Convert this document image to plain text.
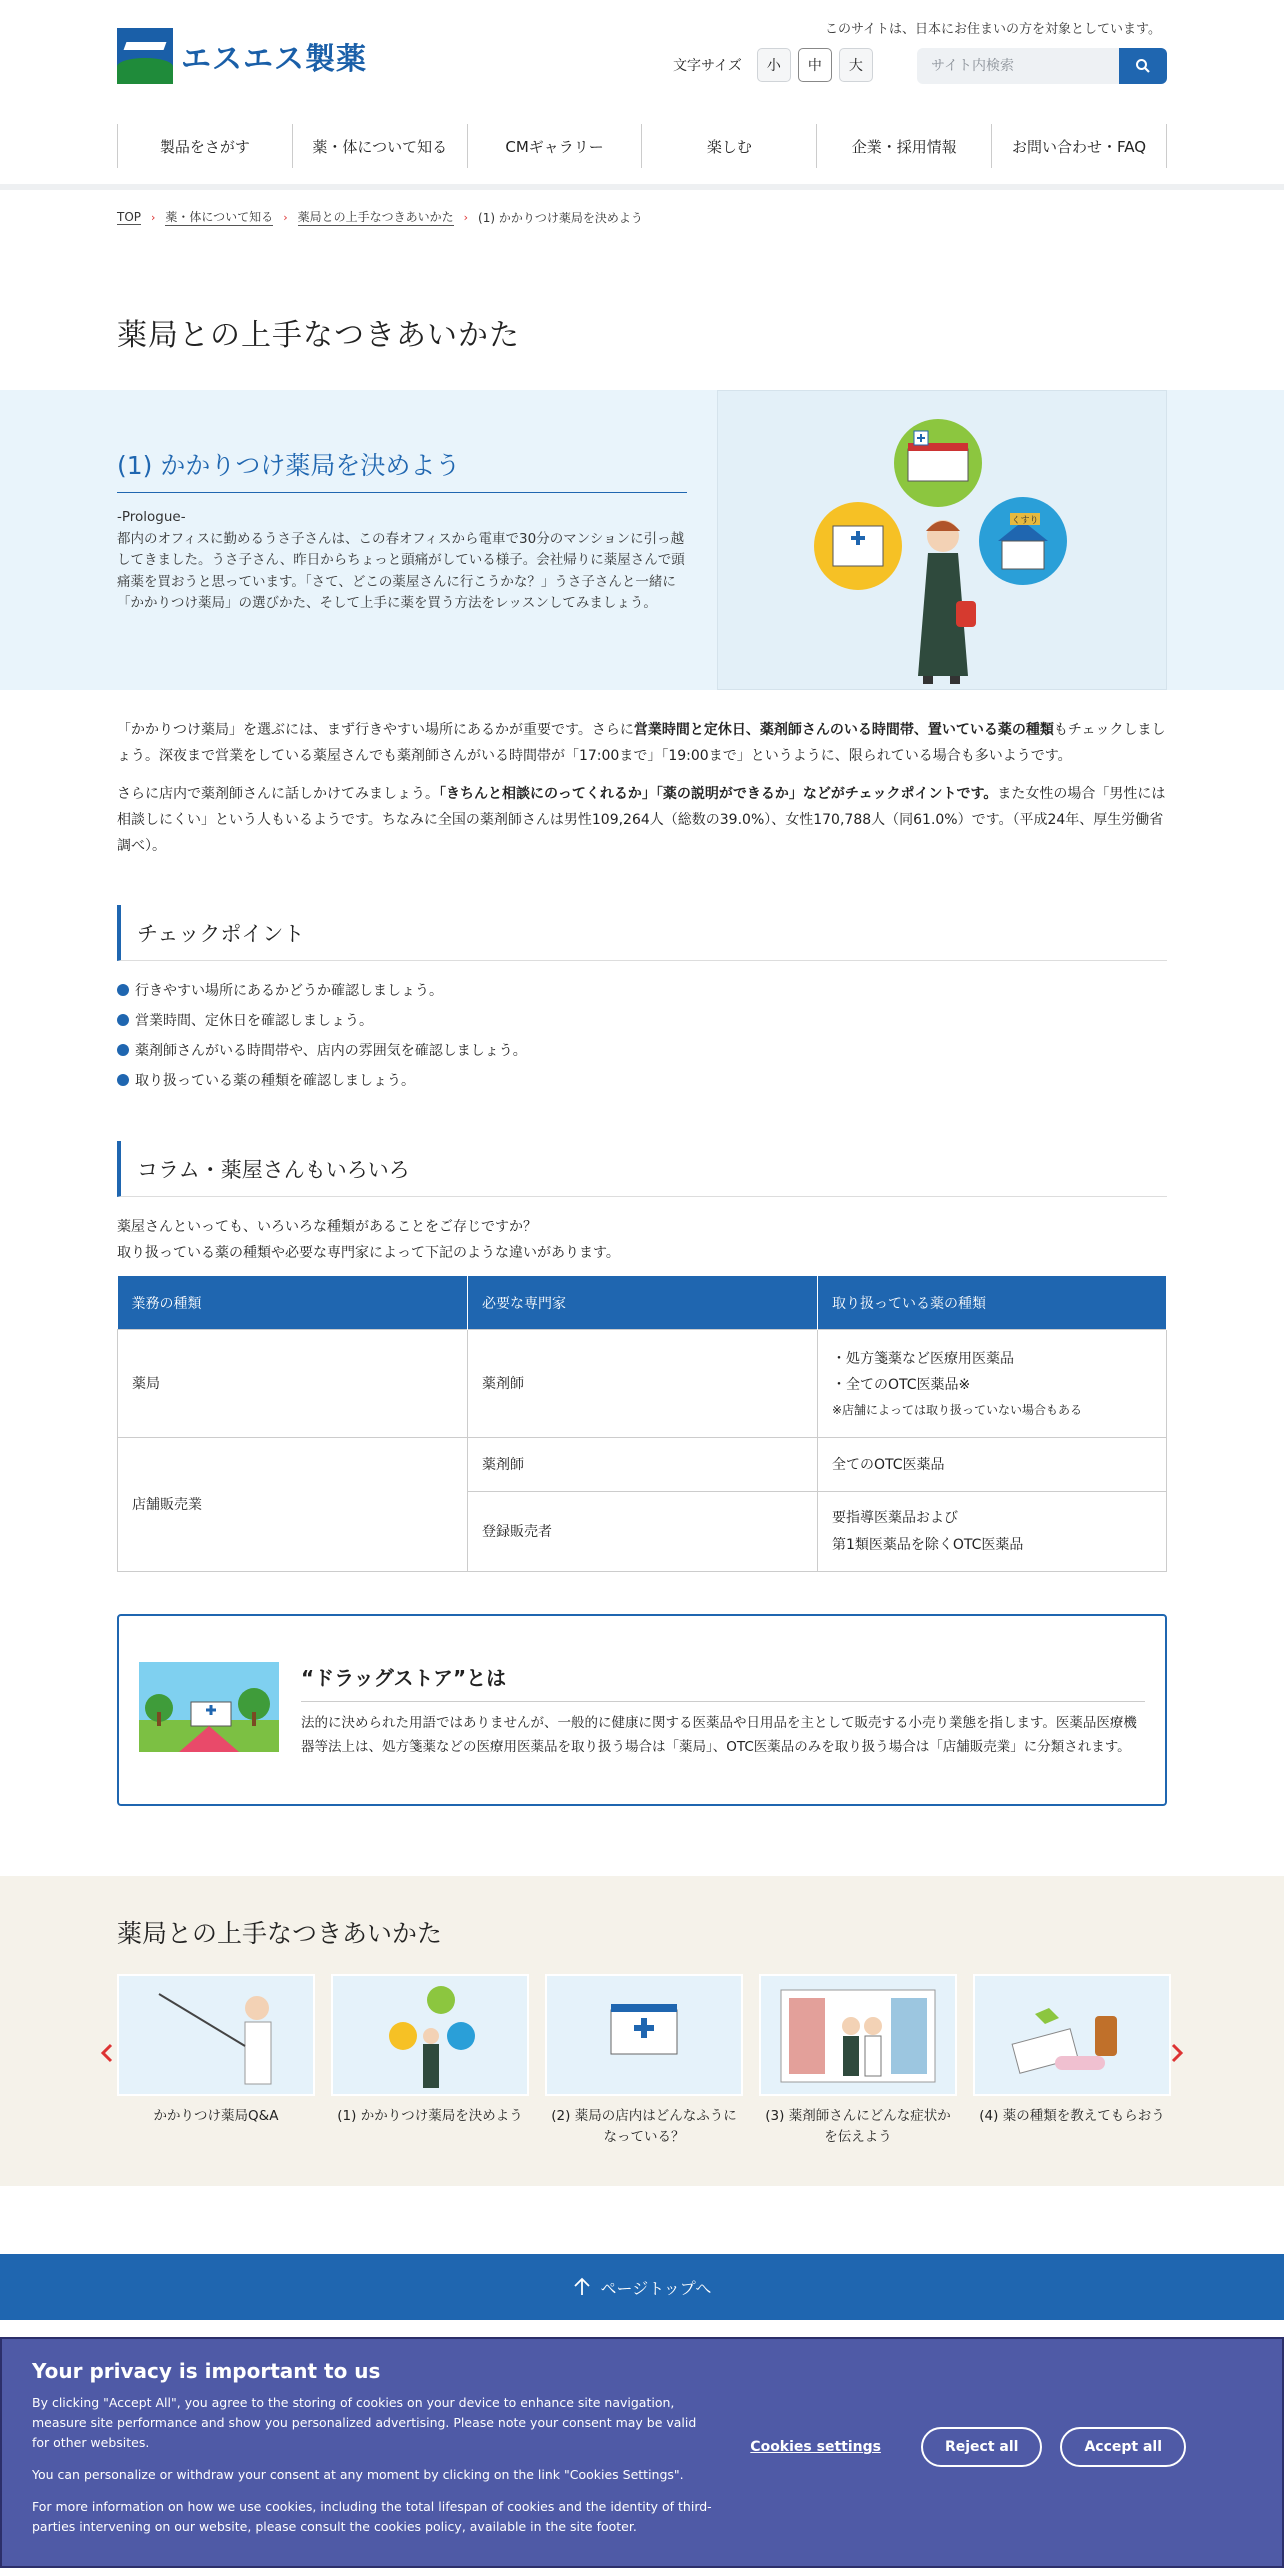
エスエス製薬
このサイトは、日本にお住まいの方を対象としています。
文字サイズ	小	中	大
サイト内検索
製品をさがす	薬・体について知る	CMギャラリー	楽しむ	企業・採用情報	お問い合わせ・FAQ
TOP › 薬・体について知る › 薬局との上手なつきあいかた › (1) かかりつけ薬局を決めよう
薬局との上手なつきあいかた
(1) かかりつけ薬局を決めよう

-Prologue-

都内のオフィスに勤めるうさ子さんは、この春オフィスから電車で30分のマンションに引っ越してきました。うさ子さん、昨日からちょっと頭痛がしている様子。会社帰りに薬屋さんで頭痛薬を買おうと思っています。「さて、どこの薬屋さんに行こうかな？」うさ子さんと一緒に「かかりつけ薬局」の選びかた、そして上手に薬を買う方法をレッスンしてみましょう。

くすり

「かかりつけ薬局」を選ぶには、まず行きやすい場所にあるかが重要です。さらに営業時間と定休日、薬剤師さんのいる時間帯、置いている薬の種類もチェックしましょう。深夜まで営業をしている薬屋さんでも薬剤師さんがいる時間帯が「17:00まで」「19:00まで」というように、限られている場合も多いようです。

さらに店内で薬剤師さんに話しかけてみましょう。「きちんと相談にのってくれるか」「薬の説明ができるか」などがチェックポイントです。また女性の場合「男性には相談しにくい」という人もいるようです。ちなみに全国の薬剤師さんは男性109,264人（総数の39.0%）、女性170,788人（同61.0%）です。（平成24年、厚生労働省調べ）。

チェックポイント
行きやすい場所にあるかどうか確認しましょう。
営業時間、定休日を確認しましょう。
薬剤師さんがいる時間帯や、店内の雰囲気を確認しましょう。
取り扱っている薬の種類を確認しましょう。
コラム・薬屋さんもいろいろ

薬屋さんといっても、いろいろな種類があることをご存じですか？
取り扱っている薬の種類や必要な専門家によって下記のような違いがあります。

業務の種類	必要な専門家	取り扱っている薬の種類
薬局	薬剤師	・処方箋薬など医療用医薬品
・全てのOTC医薬品※
※店舗によっては取り扱っていない場合もある

店舗販売業	薬剤師	全てのOTC医薬品
	登録販売者	要指導医薬品および
第1類医薬品を除くOTC医薬品
“ドラッグストア”とは

法的に決められた用語ではありませんが、一般的に健康に関する医薬品や日用品を主として販売する小売り業態を指します。医薬品医療機器等法上は、処方箋薬などの医療用医薬品を取り扱う場合は「薬局」、OTC医薬品のみを取り扱う場合は「店舗販売業」に分類されます。

薬局との上手なつきあいかた
かかりつけ薬局Q&A	(1) かかりつけ薬局を決めよう	(2) 薬局の店内はどんなふうになっている？
(3) 薬剤師さんにどんな症状かを伝えよう
(4) 薬の種類を教えてもらおう
ページトップへ
Your privacy is important to us

By clicking "Accept All", you agree to the storing of cookies on your device to enhance site navigation, measure site performance and show you personalized advertising. Please note your consent may be valid for other websites.

You can personalize or withdraw your consent at any moment by clicking on the link "Cookies Settings".

For more information on how we use cookies, including the total lifespan of cookies and the identity of third-parties intervening on our website, please consult the cookies policy, available in the site footer.

Cookies settings	Reject all	Accept all
